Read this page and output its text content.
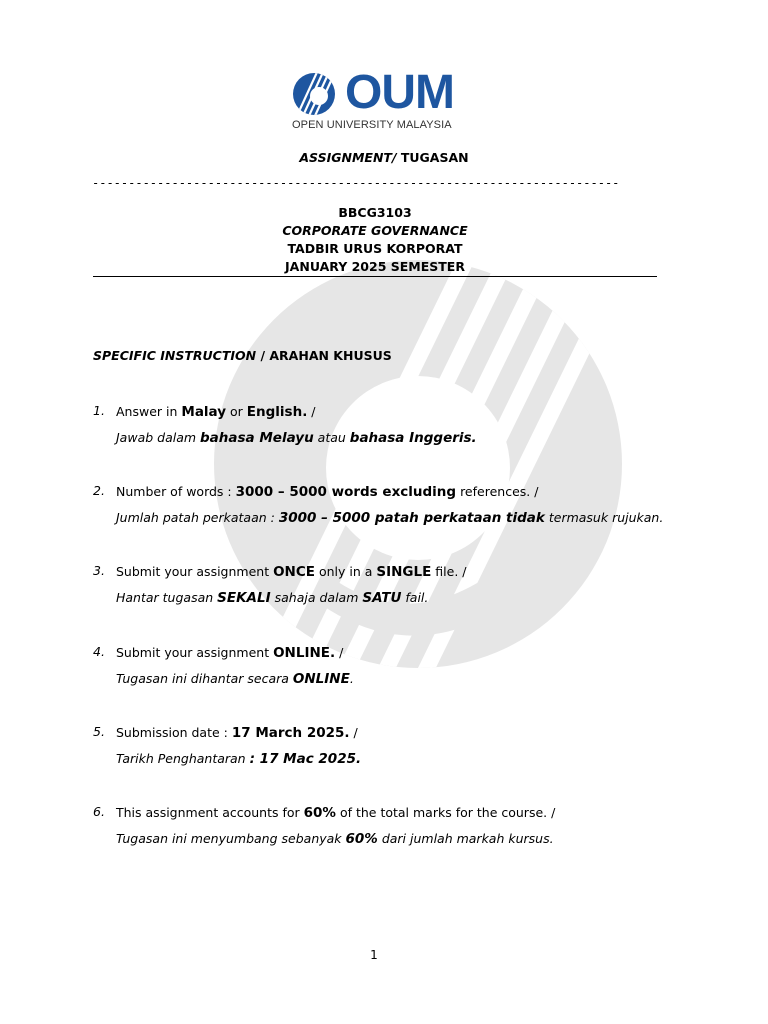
OUM
OPEN UNIVERSITY MALAYSIA
ASSIGNMENT/ TUGASAN
-------------------------------------------------------------------------
BBCG3103
CORPORATE GOVERNANCE
TADBIR URUS KORPORAT
JANUARY 2025 SEMESTER
SPECIFIC INSTRUCTION / ARAHAN KHUSUS
1. Answer in Malay or English. /
Jawab dalam bahasa Melayu atau bahasa Inggeris.
2. Number of words : 3000 – 5000 words excluding references. /
Jumlah patah perkataan : 3000 – 5000 patah perkataan tidak termasuk rujukan.
3. Submit your assignment ONCE only in a SINGLE file. /
Hantar tugasan SEKALI sahaja dalam SATU fail.
4. Submit your assignment ONLINE. /
Tugasan ini dihantar secara ONLINE.
5. Submission date : 17 March 2025. /
Tarikh Penghantaran : 17 Mac 2025.
6. This assignment accounts for 60% of the total marks for the course. /
Tugasan ini menyumbang sebanyak 60% dari jumlah markah kursus.
1
